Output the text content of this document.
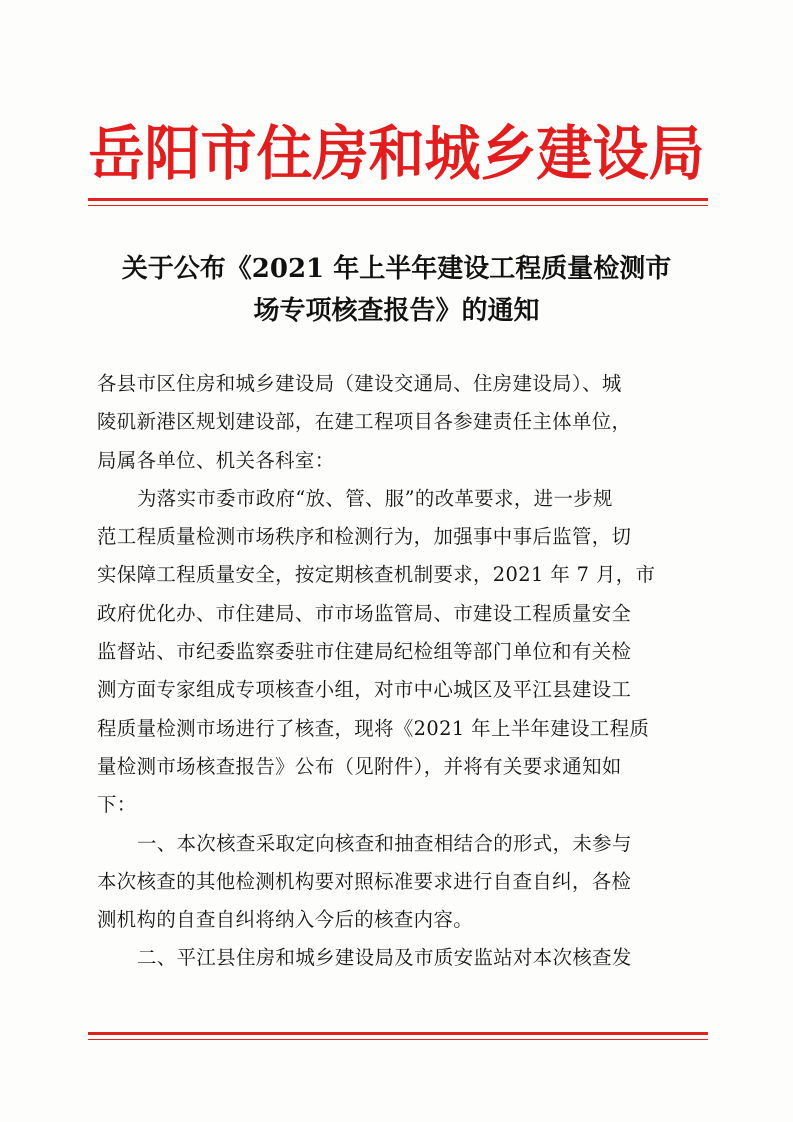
岳阳市住房和城乡建设局
关于公布《2021 年上半年建设工程质量检测市
场专项核查报告》的通知
各县市区住房和城乡建设局（建设交通局、住房建设局）、城
陵矶新港区规划建设部，在建工程项目各参建责任主体单位，
局属各单位、机关各科室：
为落实市委市政府“放、管、服”的改革要求，进一步规
范工程质量检测市场秩序和检测行为，加强事中事后监管，切
实保障工程质量安全，按定期核查机制要求，2021 年 7 月，市
政府优化办、市住建局、市市场监管局、市建设工程质量安全
监督站、市纪委监察委驻市住建局纪检组等部门单位和有关检
测方面专家组成专项核查小组，对市中心城区及平江县建设工
程质量检测市场进行了核查，现将《2021 年上半年建设工程质
量检测市场核查报告》公布（见附件），并将有关要求通知如
下：
一、本次核查采取定向核查和抽查相结合的形式，未参与
本次核查的其他检测机构要对照标准要求进行自查自纠，各检
测机构的自查自纠将纳入今后的核查内容。
二、平江县住房和城乡建设局及市质安监站对本次核查发
